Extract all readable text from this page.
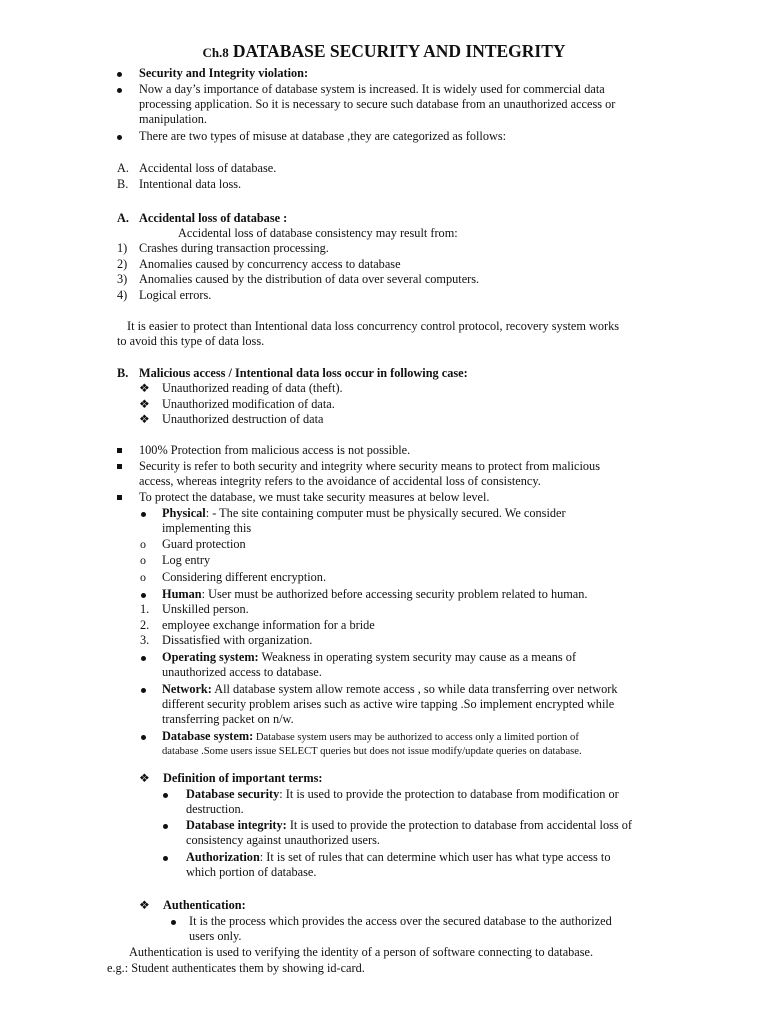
Ch.8 DATABASE SECURITY AND INTEGRITY
Security and Integrity violation:
Now a day’s importance of database system is increased. It is widely used for commercial data
processing application. So it is necessary to secure such database from an unauthorized access or
manipulation.
There are two types of misuse at database ,they are categorized as follows:
A. Accidental loss of database.
B. Intentional data loss.
A. Accidental loss of database :
Accidental loss of database consistency may result from:
1) Crashes during transaction processing.
2) Anomalies caused by concurrency access to database
3) Anomalies caused by the distribution of data over several computers.
4) Logical errors.
It is easier to protect than Intentional data loss concurrency control protocol, recovery system works
to avoid this type of data loss.
B. Malicious access / Intentional data loss occur in following case:
❖ Unauthorized reading of data (theft).
❖ Unauthorized modification of data.
❖ Unauthorized destruction of data
100% Protection from malicious access is not possible.
Security is refer to both security and integrity where security means to protect from malicious
access, whereas integrity refers to the avoidance of accidental loss of consistency.
To protect the database, we must take security measures at below level.
Physical: - The site containing computer must be physically secured. We consider
implementing this
o Guard protection
o Log entry
o Considering different encryption.
Human: User must be authorized before accessing security problem related to human.
1. Unskilled person.
2. employee exchange information for a bride
3. Dissatisfied with organization.
Operating system: Weakness in operating system security may cause as a means of
unauthorized access to database.
Network: All database system allow remote access , so while data transferring over network
different security problem arises such as active wire tapping .So implement encrypted while
transferring packet on n/w.
Database system: Database system users may be authorized to access only a limited portion of
database .Some users issue SELECT queries but does not issue modify/update queries on database.
❖ Definition of important terms:
Database security: It is used to provide the protection to database from modification or
destruction.
Database integrity: It is used to provide the protection to database from accidental loss of
consistency against unauthorized users.
Authorization: It is set of rules that can determine which user has what type access to
which portion of database.
❖ Authentication:
It is the process which provides the access over the secured database to the authorized
users only.
Authentication is used to verifying the identity of a person of software connecting to database.
e.g.: Student authenticates them by showing id-card.
